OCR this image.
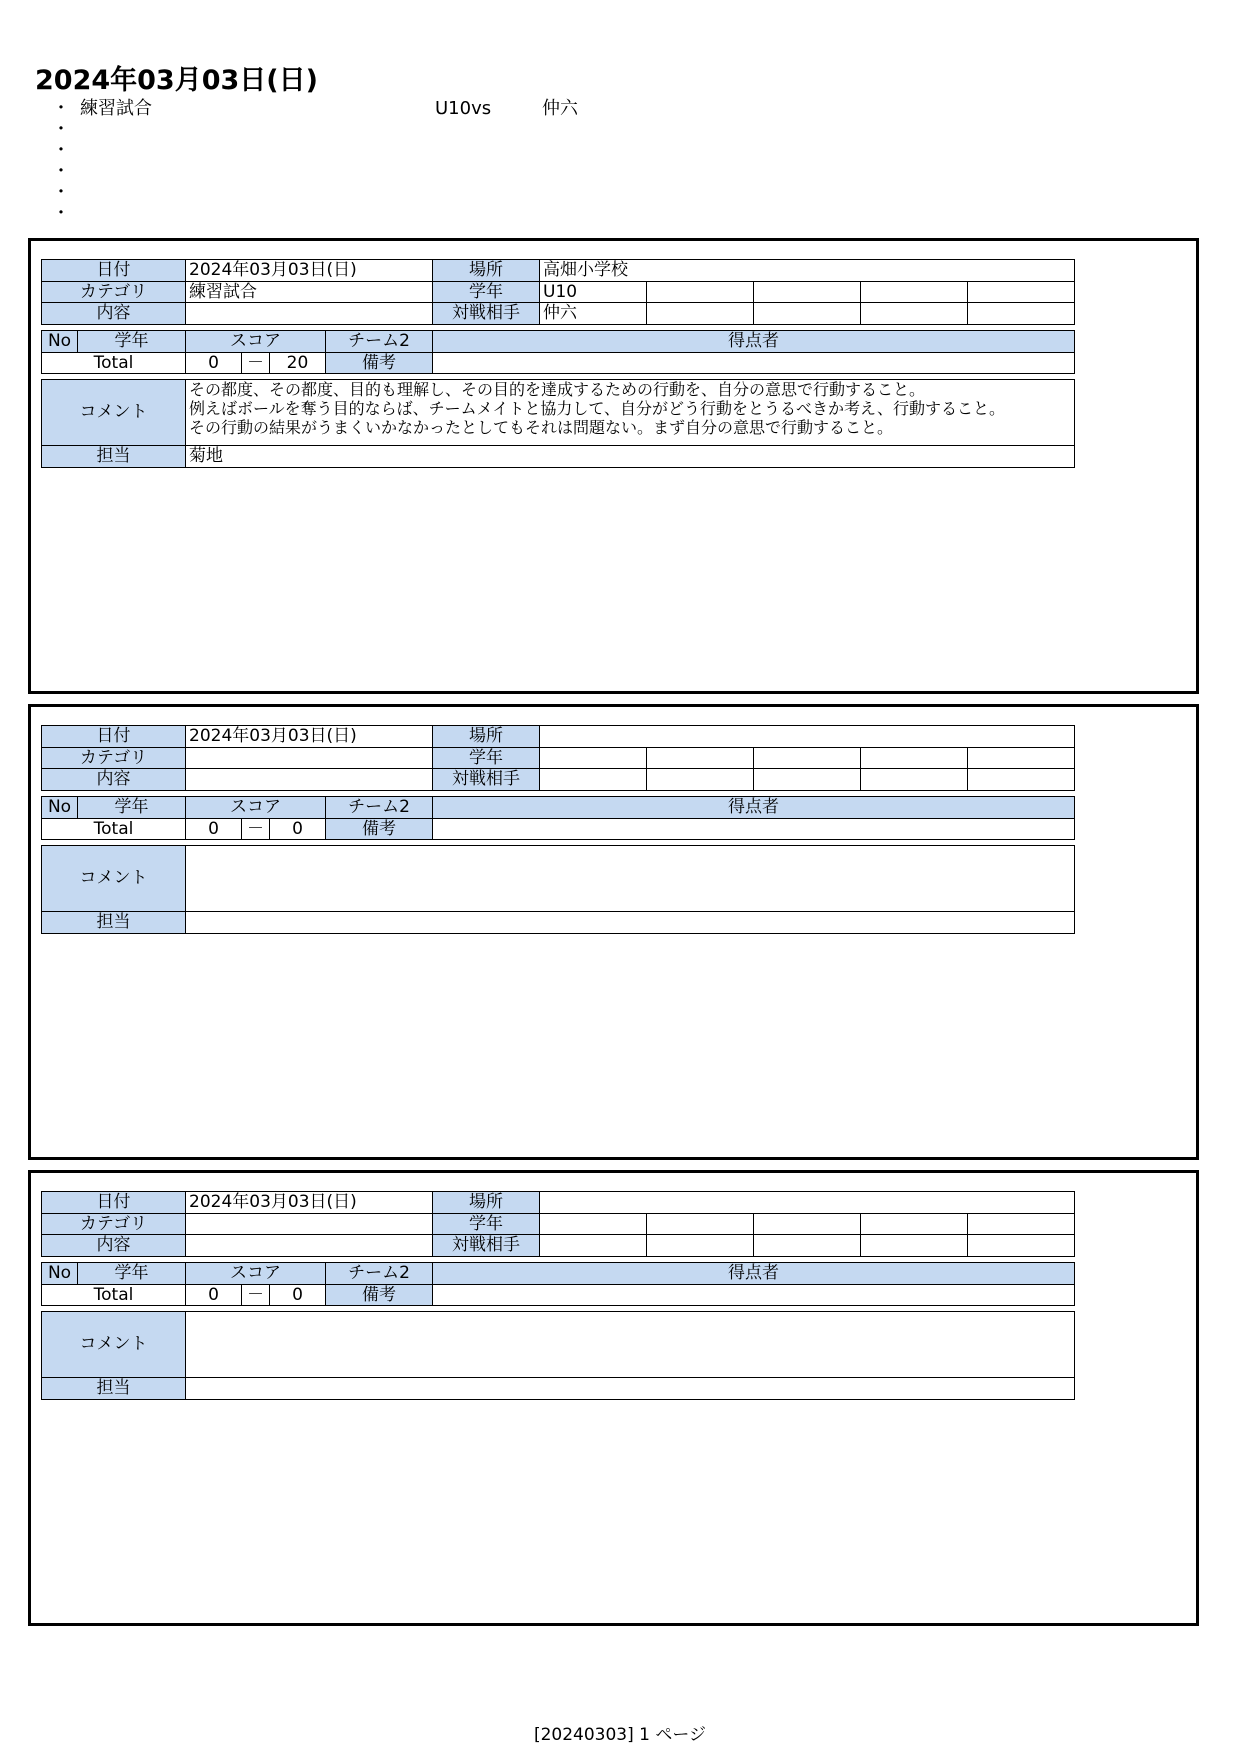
2024年03月03日(日)
・ 練習試合	U10vs	仲六
・
・
・
・
・
日付		2024年03月03日(日)				場所	高畑小学校				
カテゴリ		練習試合				学年	U10				
内容						対戦相手	仲六				

No	学年	スコア			チーム2	得点者					
Total		0	－	20	備考						

コメント		その都度、その都度、目的も理解し、その目的を達成するための行動を、自分の意思で行動すること。
例えばボールを奪う目的ならば、チームメイトと協力して、自分がどう行動をとうるべきか考え、行動すること。
その行動の結果がうまくいかなかったとしてもそれは問題ない。まず自分の意思で行動すること。									

担当		菊地									
日付		2024年03月03日(日)				場所					
カテゴリ						学年					
内容						対戦相手					

No	学年	スコア			チーム2	得点者					
Total		0	－	0	備考						

コメント											

担当											
日付		2024年03月03日(日)				場所					
カテゴリ						学年					
内容						対戦相手					

No	学年	スコア			チーム2	得点者					
Total		0	－	0	備考						

コメント											

担当											
[20240303] 1 ページ
